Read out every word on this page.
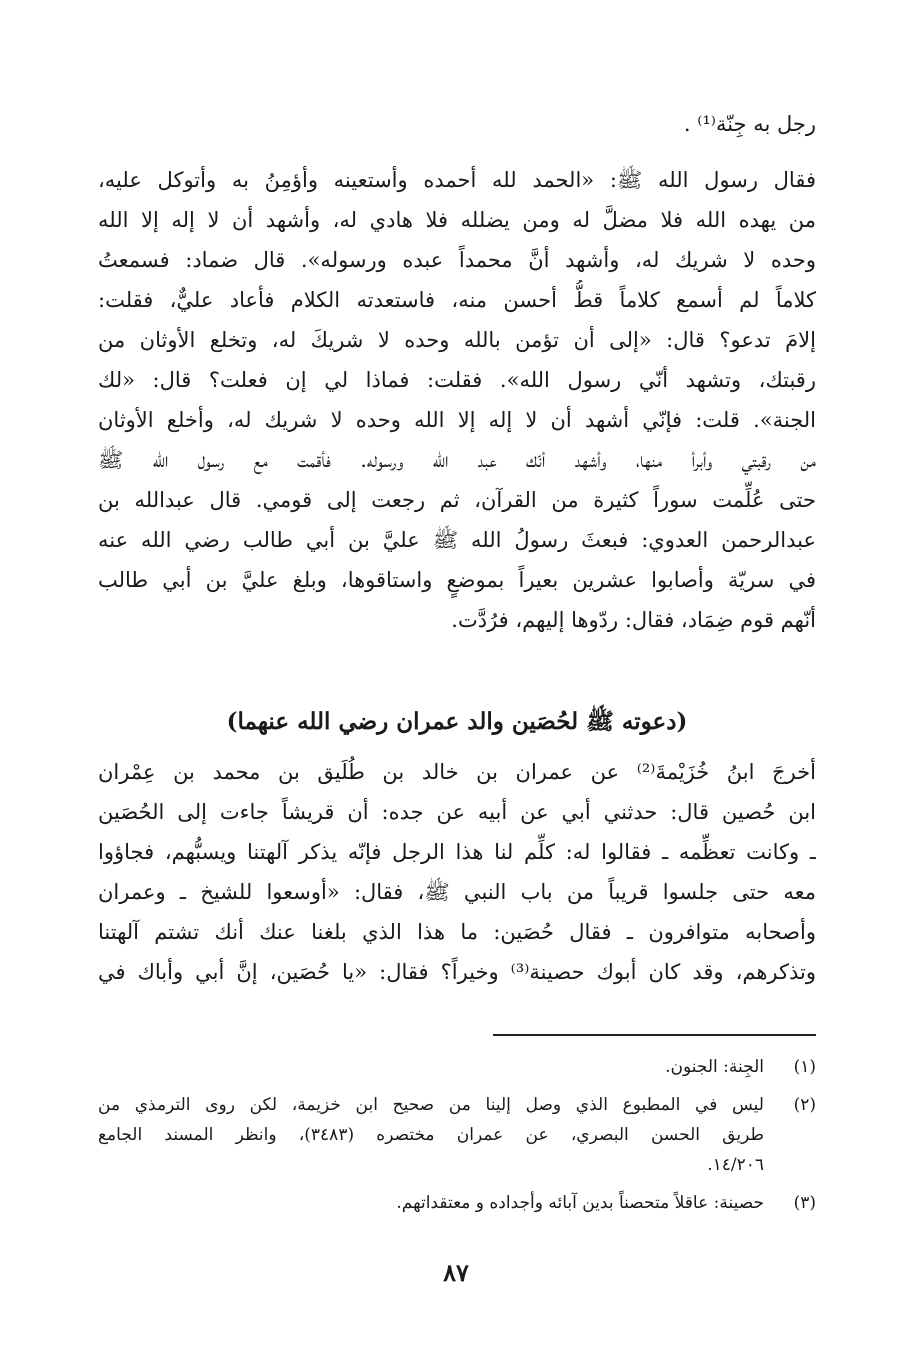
رجل به جِنّة⁽¹⁾ .
فقال رسول الله ﷺ: «الحمد لله أحمده وأستعينه وأؤمِنُ به وأتوكل عليه،
من يهده الله فلا مضلَّ له ومن يضلله فلا هادي له، وأشهد أن لا إله إلا الله
وحده لا شريك له، وأشهد أنَّ محمداً عبده ورسوله». قال ضماد: فسمعتُ
كلاماً لم أسمع كلاماً قطُّ أحسن منه، فاستعدته الكلام فأعاد عليٌّ، فقلت:
إلامَ تدعو؟ قال: «إلى أن تؤمن بالله وحده لا شريكَ له، وتخلع الأوثان من
رقبتك، وتشهد أنّي رسول الله». فقلت: فماذا لي إن فعلت؟ قال: «لك
الجنة». قلت: فإنّي أشهد أن لا إله إلا الله وحده لا شريك له، وأخلع الأوثان
من رقبتي وأبرأ منها، وأشهد أنّك عبد الله ورسوله. فأقمت مع رسول الله ﷺ
حتى عُلِّمت سوراً كثيرة من القرآن، ثم رجعت إلى قومي. قال عبدالله بن
عبدالرحمن العدوي: فبعثَ رسولُ الله ﷺ عليَّ بن أبي طالب رضي الله عنه
في سريّة وأصابوا عشرين بعيراً بموضعٍ واستاقوها، وبلغ عليَّ بن أبي طالب
أنّهم قوم ضِمَاد، فقال: ردّوها إليهم، فرُدَّت.
(دعوته ﷺ لحُصَين والد عمران رضي الله عنهما)
أخرجَ ابنُ خُزَيْمةَ⁽²⁾ عن عمران بن خالد بن طُلَيق بن محمد بن عِمْران
ابن حُصين قال: حدثني أبي عن أبيه عن جده: أن قريشاً جاءت إلى الحُصَين
ـ وكانت تعظِّمه ـ فقالوا له: كلِّم لنا هذا الرجل فإنّه يذكر آلهتنا ويسبُّهم، فجاؤوا
معه حتى جلسوا قريباً من باب النبي ﷺ، فقال: «أوسعوا للشيخ ـ وعمران
وأصحابه متوافرون ـ فقال حُصَين: ما هذا الذي بلغنا عنك أنك تشتم آلهتنا
وتذكرهم، وقد كان أبوك حصينة⁽³⁾ وخيراً؟ فقال: «يا حُصَين، إنَّ أبي وأباك في
(١)
الجِنة: الجنون.
(٢)
ليس في المطبوع الذي وصل إلينا من صحيح ابن خزيمة، لكن روى الترمذي من
طريق الحسن البصري، عن عمران مختصره (٣٤٨٣)، وانظر المسند الجامع
١٤/٢٠٦.
(٣)
حصينة: عاقلاً متحصناً بدين آبائه وأجداده و معتقداتهم.
٨٧
